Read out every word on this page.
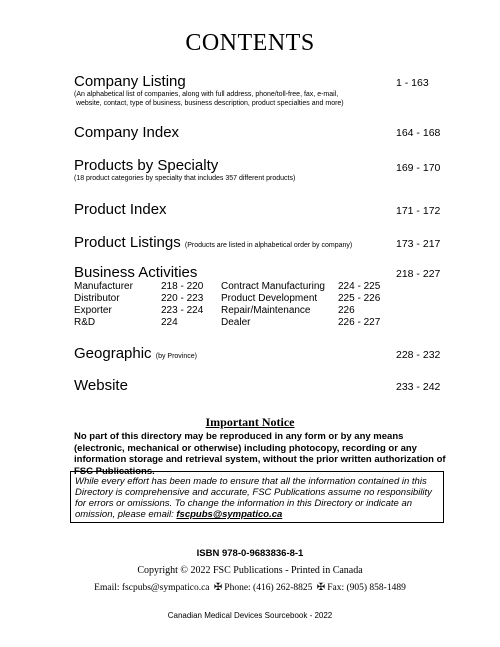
CONTENTS
Company Listing	1 - 163
(An alphabetical list of companies, along with full address, phone/toll-free, fax, e-mail,
website, contact, type of business, business description, product specialties and more)
Company Index	164 - 168
Products by Specialty	169 - 170
(18 product categories by specialty that includes 357 different products)
Product Index	171 - 172
Product Listings (Products are listed in alphabetical order by company)	173 - 217
Business Activities	218 - 227
Manufacturer	218 - 220 Contract Manufacturing 224 - 225
Distributor	220 - 223 Product Development 225 - 226
Exporter	223 - 224 Repair/Maintenance	226
R&D	224	Dealer	226 - 227
Geographic (by Province)	228 - 232
Website	233 - 242
Important Notice
No part of this directory may be reproduced in any form or by any means (electronic, mechanical or otherwise) including photocopy, recording or any information storage and retrieval system, without the prior written authorization of FSC Publications.
While every effort has been made to ensure that all the information contained in this Directory is comprehensive and accurate, FSC Publications assume no responsibility for errors or omissions. To change the information in this Directory or indicate an omission, please email: fscpubs@sympatico.ca
ISBN 978-0-9683836-8-1
Copyright © 2022 FSC Publications - Printed in Canada
Email: fscpubs@sympatico.ca ✠ Phone: (416) 262-8825 ✠ Fax: (905) 858-1489
Canadian Medical Devices Sourcebook - 2022
